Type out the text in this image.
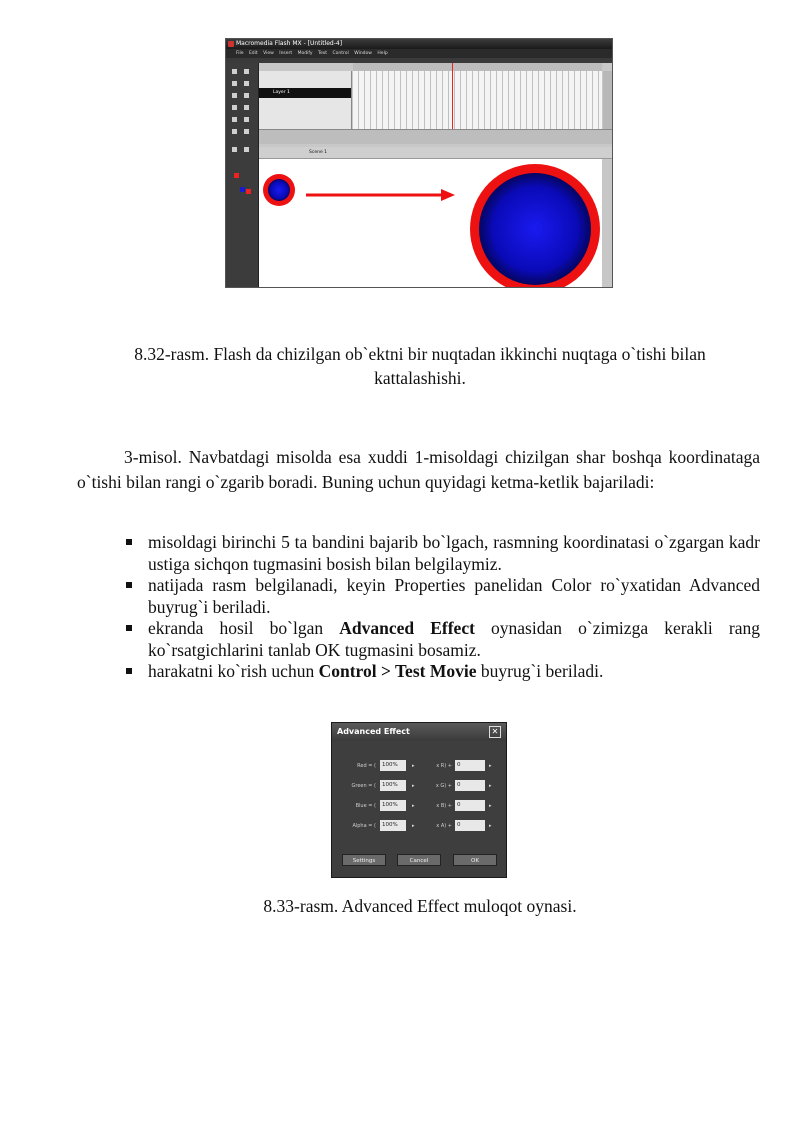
Macromedia Flash MX - [Untitled-4]
File Edit View Insert Modify Text Control Window Help
Layer 1
Scene 1
8.32-rasm. Flash da chizilgan ob`ektni bir nuqtadan ikkinchi nuqtaga o`tishi bilan kattalashishi.
3-misol. Navbatdagi misolda esa xuddi 1-misoldagi chizilgan shar boshqa koordinataga o`tishi bilan rangi o`zgarib boradi. Buning uchun quyidagi ketma-ketlik bajariladi:
misoldagi birinchi 5 ta bandini bajarib bo`lgach, rasmning koordinatasi o`zgargan kadr ustiga sichqon tugmasini bosish bilan belgilaymiz.
natijada rasm belgilanadi, keyin Properties panelidan Color ro`yxatidan Advanced buyrug`i beriladi.
ekranda hosil bo`lgan Advanced Effect oynasidan o`zimizga kerakli rang ko`rsatgichlarini tanlab OK tugmasini bosamiz.
harakatni ko`rish uchun Control > Test Movie buyrug`i beriladi.
Advanced Effect	✕
Red = (	100%	▸	x R) + 0	▸
Green = (	100%	▸	x G) + 0	▸
Blue = (	100%	▸	x B) + 0	▸
Alpha = (	100%	▸	x A) + 0	▸
Settings	Cancel	OK
8.33-rasm. Advanced Effect muloqot oynasi.
